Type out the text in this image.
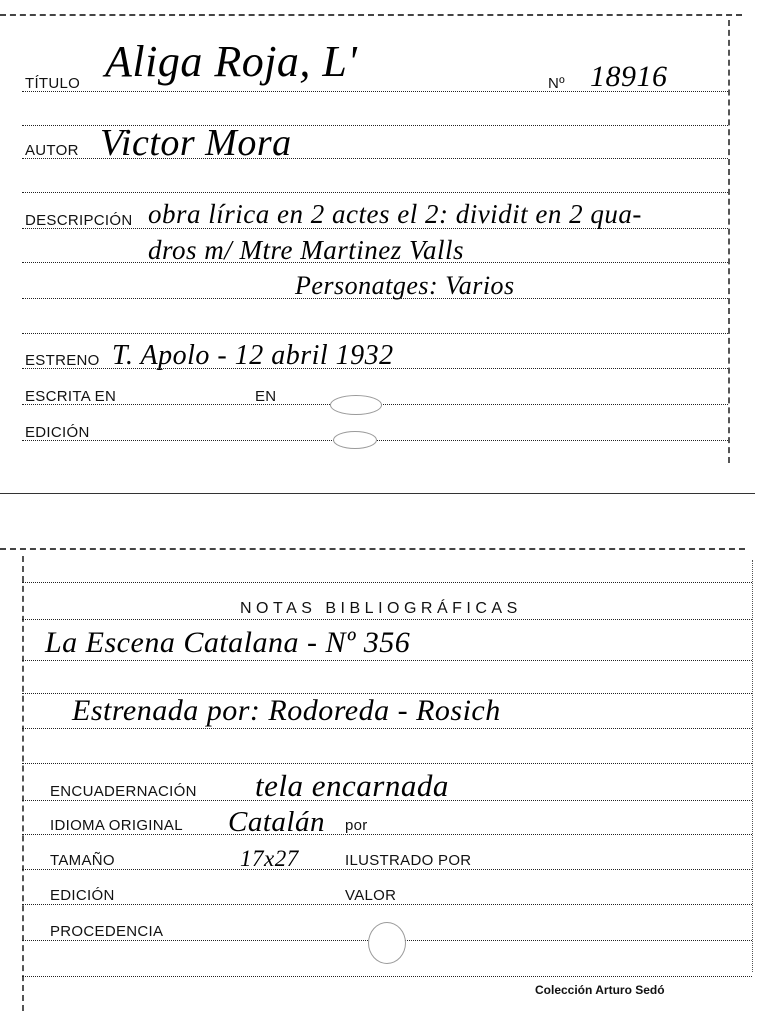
TÍTULO Aliga Roja, L'	Nº 18916
AUTOR Victor Mora
DESCRIPCIÓN obra lírica en 2 actes el 2: dividit en 2 qua-
dros m/ Mtre Martinez Valls
Personatges: Varios
ESTRENO T. Apolo - 12 abril 1932
ESCRITA EN	EN
EDICIÓN
NOTAS BIBLIOGRÁFICAS
La Escena Catalana - Nº 356
Estrenada por: Rodoreda - Rosich
ENCUADERNACIÓN tela encarnada
IDIOMA ORIGINAL Catalán por
TAMAÑO	17x27	ILUSTRADO POR
EDICIÓN	VALOR
PROCEDENCIA
Colección Arturo Sedó
